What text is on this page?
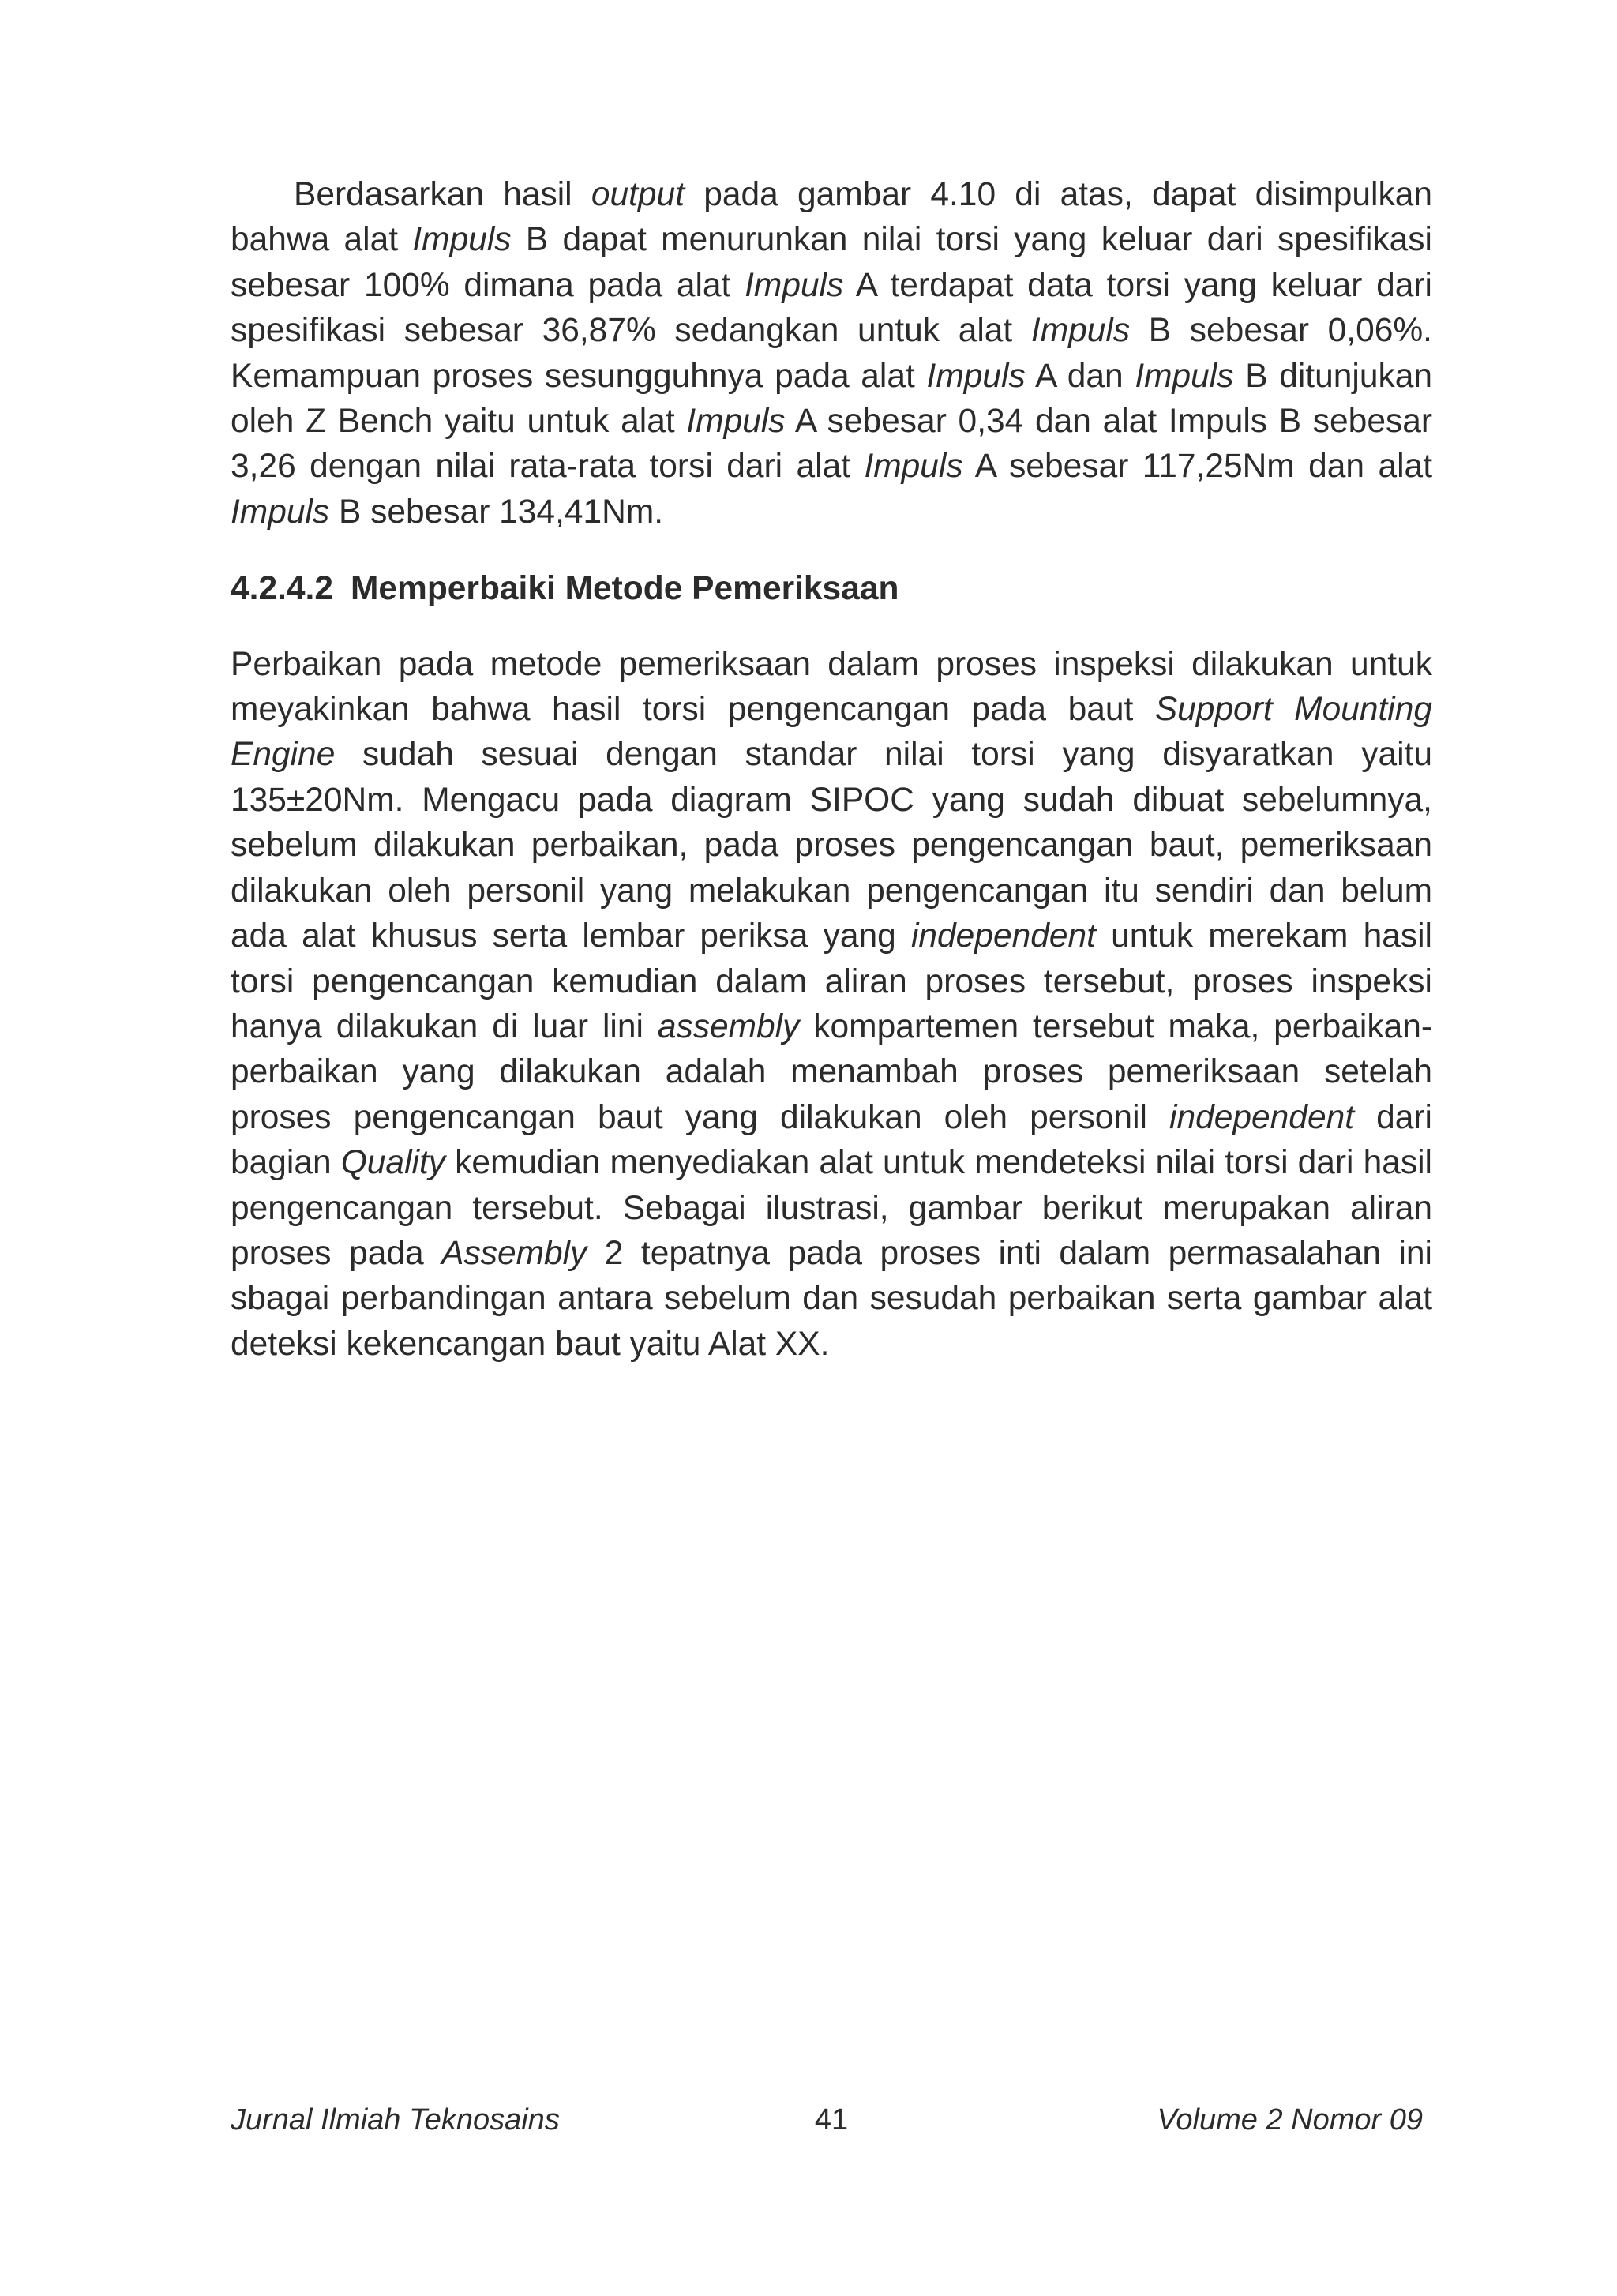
Berdasarkan hasil output pada gambar 4.10 di atas, dapat disimpulkan bahwa alat Impuls B dapat menurunkan nilai torsi yang keluar dari spesifikasi sebesar 100% dimana pada alat Impuls A terdapat data torsi yang keluar dari spesifikasi sebesar 36,87% sedangkan untuk alat Impuls B sebesar 0,06%. Kemampuan proses sesungguhnya pada alat Impuls A dan Impuls B ditunjukan oleh Z Bench yaitu untuk alat Impuls A sebesar 0,34 dan alat Impuls B sebesar 3,26 dengan nilai rata-rata torsi dari alat Impuls A sebesar 117,25Nm dan alat Impuls B sebesar 134,41Nm.

4.2.4.2 Memperbaiki Metode Pemeriksaan

Perbaikan pada metode pemeriksaan dalam proses inspeksi dilakukan untuk meyakinkan bahwa hasil torsi pengencangan pada baut Support Mounting Engine sudah sesuai dengan standar nilai torsi yang disyaratkan yaitu 135±20Nm. Mengacu pada diagram SIPOC yang sudah dibuat sebelumnya, sebelum dilakukan perbaikan, pada proses pengencangan baut, pemeriksaan dilakukan oleh personil yang melakukan pengencangan itu sendiri dan belum ada alat khusus serta lembar periksa yang independent untuk merekam hasil torsi pengencangan kemudian dalam aliran proses tersebut, proses inspeksi hanya dilakukan di luar lini assembly kompartemen tersebut maka, perbaikan-perbaikan yang dilakukan adalah menambah proses pemeriksaan setelah proses pengencangan baut yang dilakukan oleh personil independent dari bagian Quality kemudian menyediakan alat untuk mendeteksi nilai torsi dari hasil pengencangan tersebut. Sebagai ilustrasi, gambar berikut merupakan aliran proses pada Assembly 2 tepatnya pada proses inti dalam permasalahan ini sbagai perbandingan antara sebelum dan sesudah perbaikan serta gambar alat deteksi kekencangan baut yaitu Alat XX.

Jurnal Ilmiah Teknosains	41	Volume 2 Nomor 09
